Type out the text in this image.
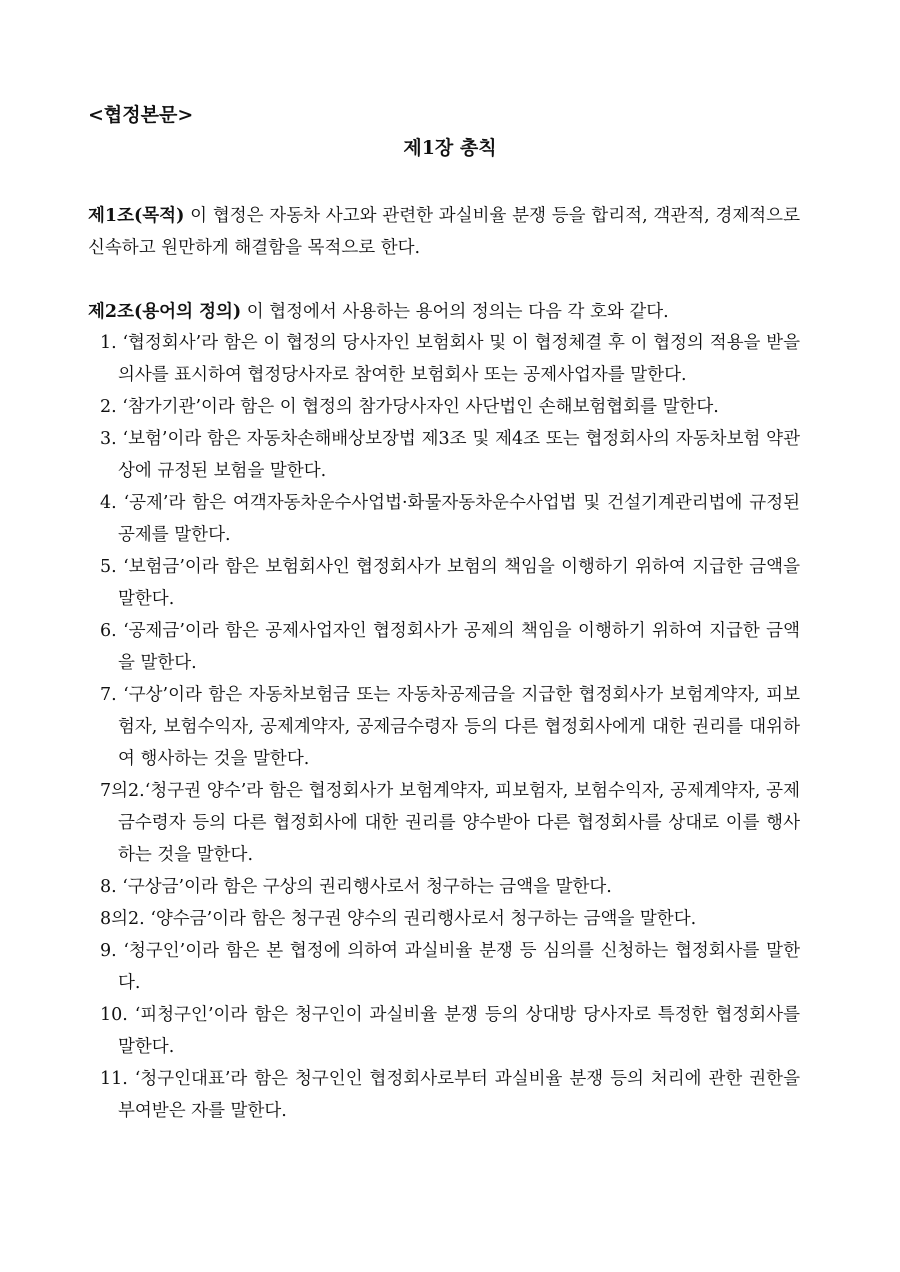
<협정본문>
제1장 총칙

제1조(목적) 이 협정은 자동차 사고와 관련한 과실비율 분쟁 등을 합리적, 객관적, 경제적으로 신속하고 원만하게 해결함을 목적으로 한다.

제2조(용어의 정의) 이 협정에서 사용하는 용어의 정의는 다음 각 호와 같다.

1. ‘협정회사’라 함은 이 협정의 당사자인 보험회사 및 이 협정체결 후 이 협정의 적용을 받을 의사를 표시하여 협정당사자로 참여한 보험회사 또는 공제사업자를 말한다.
2. ‘참가기관’이라 함은 이 협정의 참가당사자인 사단법인 손해보험협회를 말한다.
3. ‘보험’이라 함은 자동차손해배상보장법 제3조 및 제4조 또는 협정회사의 자동차보험 약관상에 규정된 보험을 말한다.
4. ‘공제’라 함은 여객자동차운수사업법·화물자동차운수사업법 및 건설기계관리법에 규정된 공제를 말한다.
5. ‘보험금’이라 함은 보험회사인 협정회사가 보험의 책임을 이행하기 위하여 지급한 금액을 말한다.
6. ‘공제금’이라 함은 공제사업자인 협정회사가 공제의 책임을 이행하기 위하여 지급한 금액을 말한다.
7. ‘구상’이라 함은 자동차보험금 또는 자동차공제금을 지급한 협정회사가 보험계약자, 피보험자, 보험수익자, 공제계약자, 공제금수령자 등의 다른 협정회사에게 대한 권리를 대위하여 행사하는 것을 말한다.
7의2.‘청구권 양수’라 함은 협정회사가 보험계약자, 피보험자, 보험수익자, 공제계약자, 공제금수령자 등의 다른 협정회사에 대한 권리를 양수받아 다른 협정회사를 상대로 이를 행사하는 것을 말한다.
8. ‘구상금’이라 함은 구상의 권리행사로서 청구하는 금액을 말한다.
8의2. ‘양수금’이라 함은 청구권 양수의 권리행사로서 청구하는 금액을 말한다.
9. ‘청구인’이라 함은 본 협정에 의하여 과실비율 분쟁 등 심의를 신청하는 협정회사를 말한다.
10. ‘피청구인’이라 함은 청구인이 과실비율 분쟁 등의 상대방 당사자로 특정한 협정회사를 말한다.
11. ‘청구인대표’라 함은 청구인인 협정회사로부터 과실비율 분쟁 등의 처리에 관한 권한을 부여받은 자를 말한다.
